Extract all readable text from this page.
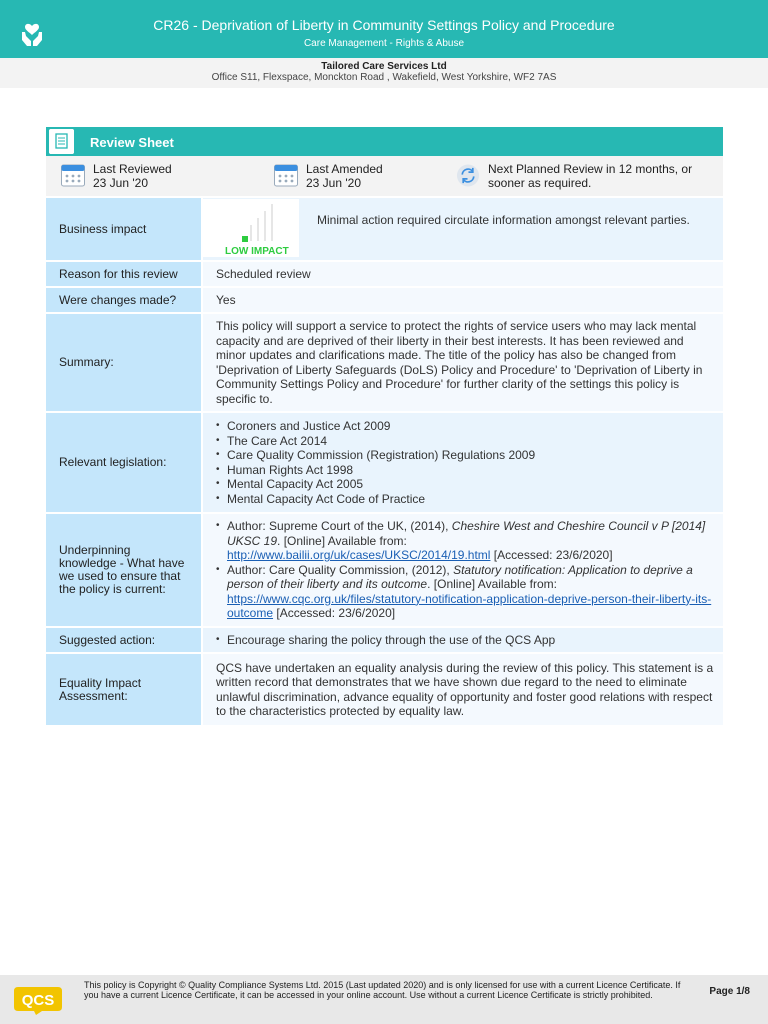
CR26 - Deprivation of Liberty in Community Settings Policy and Procedure
Care Management - Rights & Abuse
Tailored Care Services Ltd
Office S11, Flexspace, Monckton Road , Wakefield, West Yorkshire, WF2 7AS
Review Sheet
Last Reviewed
23 Jun '20
Last Amended
23 Jun '20
Next Planned Review in 12 months, or sooner as required.
Business impact
LOW IMPACT
Minimal action required circulate information amongst relevant parties.
Reason for this review	Scheduled review
Were changes made?	Yes
Summary:
This policy will support a service to protect the rights of service users who may lack mental capacity and are deprived of their liberty in their best interests. It has been reviewed and minor updates and clarifications made. The title of the policy has also be changed from 'Deprivation of Liberty Safeguards (DoLS) Policy and Procedure' to 'Deprivation of Liberty in Community Settings Policy and Procedure' for further clarity of the settings this policy is specific to.
Relevant legislation:
• Coroners and Justice Act 2009
• The Care Act 2014
• Care Quality Commission (Registration) Regulations 2009
• Human Rights Act 1998
• Mental Capacity Act 2005
• Mental Capacity Act Code of Practice
Underpinning knowledge - What have we used to ensure that the policy is current:
• Author: Supreme Court of the UK, (2014), Cheshire West and Cheshire Council v P [2014] UKSC 19. [Online] Available from:
http://www.bailii.org/uk/cases/UKSC/2014/19.html [Accessed: 23/6/2020]
• Author: Care Quality Commission, (2012), Statutory notification: Application to deprive a person of their liberty and its outcome. [Online] Available from:
https://www.cqc.org.uk/files/statutory-notification-application-deprive-person-their-liberty-its-outcome [Accessed: 23/6/2020]
Suggested action:
•	Encourage sharing the policy through the use of the QCS App
Equality Impact Assessment:
QCS have undertaken an equality analysis during the review of this policy. This statement is a written record that demonstrates that we have shown due regard to the need to eliminate unlawful discrimination, advance equality of opportunity and foster good relations with respect to the characteristics protected by equality law.
QCS
This policy is Copyright © Quality Compliance Systems Ltd. 2015 (Last updated 2020) and is only licensed for use with a current Licence Certificate. If you have a current Licence Certificate, it can be accessed in your online account. Use without a current Licence Certificate is strictly prohibited.	Page 1/8
